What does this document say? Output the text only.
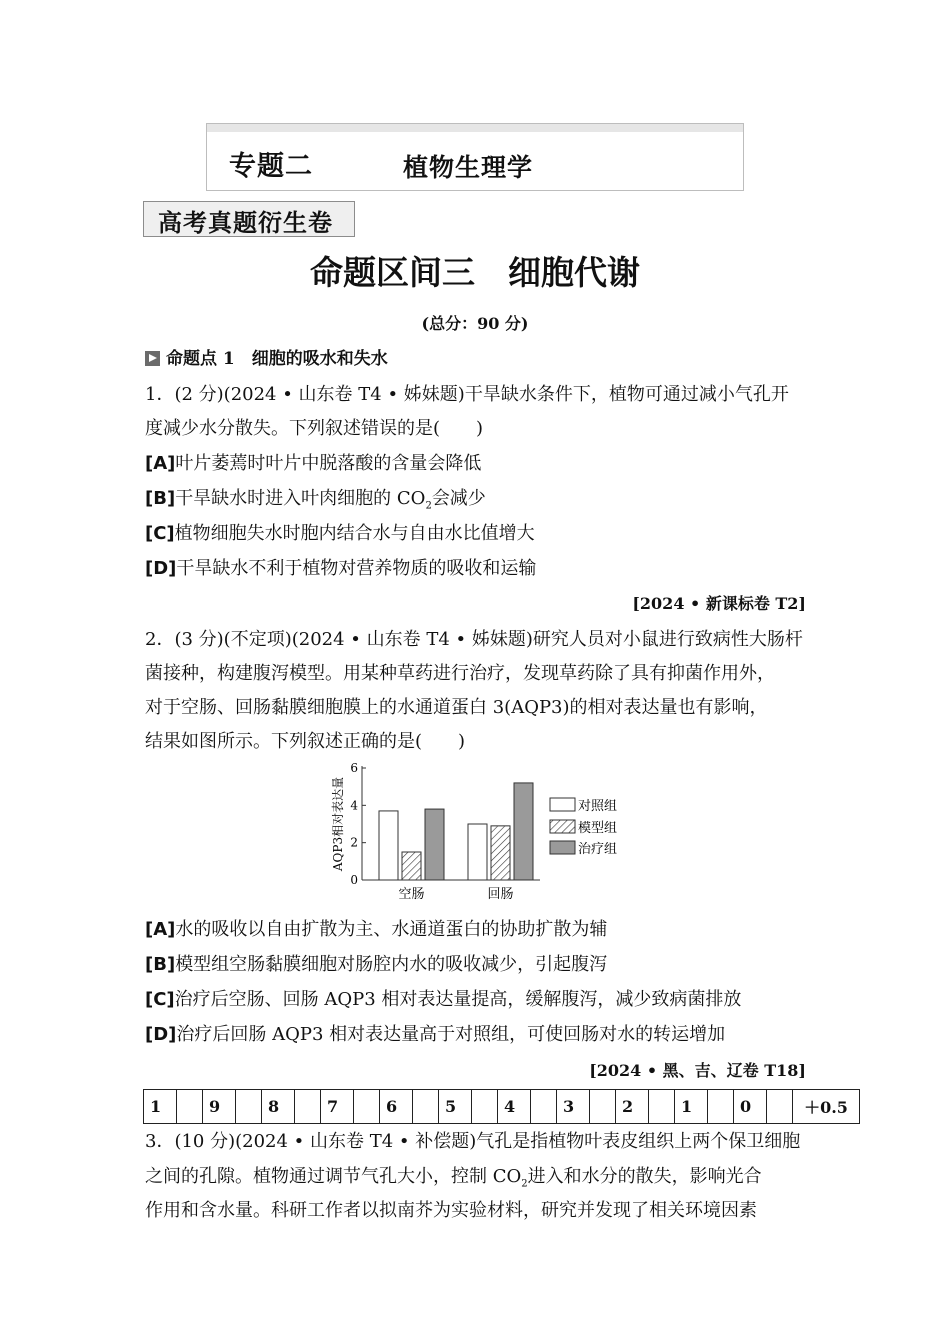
专题二	植物生理学
高考真题衍生卷
命题区间三　细胞代谢
(总分：90 分)
命题点 1　细胞的吸水和失水
1．(2 分)(2024 • 山东卷 T4 • 姊妹题)干旱缺水条件下，植物可通过减小气孔开
度减少水分散失。下列叙述错误的是(　　)
[A]叶片萎蔫时叶片中脱落酸的含量会降低
[B]干旱缺水时进入叶肉细胞的 $CO_2$会减少
[C]植物细胞失水时胞内结合水与自由水比值增大
[D]干旱缺水不利于植物对营养物质的吸收和运输
[2024 • 新课标卷 T2]
2．(3 分)(不定项)(2024 • 山东卷 T4 • 姊妹题)研究人员对小鼠进行致病性大肠杆
菌接种，构建腹泻模型。用某种草药进行治疗，发现草药除了具有抑菌作用外，
对于空肠、回肠黏膜细胞膜上的水通道蛋白 3(AQP3)的相对表达量也有影响，
结果如图所示。下列叙述正确的是(　　)
0
2
4
6
AQP3相对表达量
空肠	回肠
对照组
模型组
治疗组
[A]水的吸收以自由扩散为主、水通道蛋白的协助扩散为辅
[B]模型组空肠黏膜细胞对肠腔内水的吸收减少，引起腹泻
[C]治疗后空肠、回肠 AQP3 相对表达量提高，缓解腹泻，减少致病菌排放
[D]治疗后回肠 AQP3 相对表达量高于对照组，可使回肠对水的转运增加
[2024 • 黑、吉、辽卷 T18]
1		9		8		7		6		5		4		3		2		1		0		＋0.5
3．(10 分)(2024 • 山东卷 T4 • 补偿题)气孔是指植物叶表皮组织上两个保卫细胞
之间的孔隙。植物通过调节气孔大小，控制 $CO_2$进入和水分的散失，影响光合
作用和含水量。科研工作者以拟南芥为实验材料，研究并发现了相关环境因素
